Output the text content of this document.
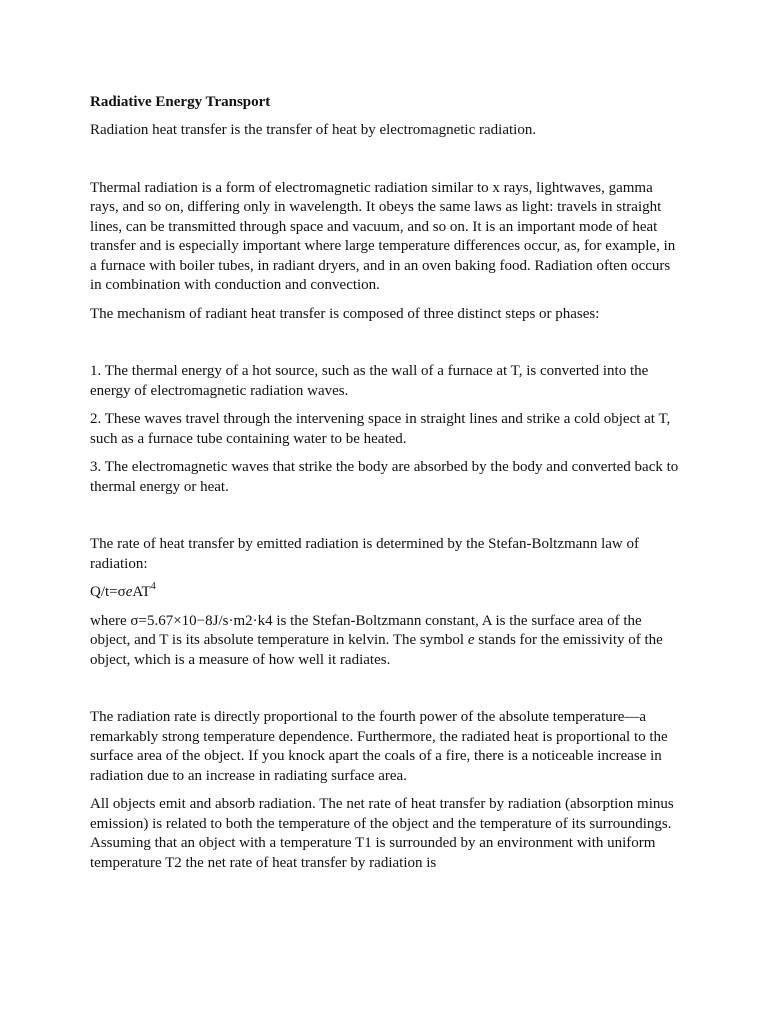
Radiative Energy Transport

Radiation heat transfer is the transfer of heat by electromagnetic radiation.

Thermal radiation is a form of electromagnetic radiation similar to x rays, lightwaves, gamma rays, and so on, differing only in wavelength. It obeys the same laws as light: travels in straight lines, can be transmitted through space and vacuum, and so on. It is an important mode of heat transfer and is especially important where large temperature differences occur, as, for example, in a furnace with boiler tubes, in radiant dryers, and in an oven baking food. Radiation often occurs in combination with conduction and convection.

The mechanism of radiant heat transfer is composed of three distinct steps or phases:

1. The thermal energy of a hot source, such as the wall of a furnace at T, is converted into the energy of electromagnetic radiation waves.

2. These waves travel through the intervening space in straight lines and strike a cold object at T, such as a furnace tube containing water to be heated.

3. The electromagnetic waves that strike the body are absorbed by the body and converted back to thermal energy or heat.

The rate of heat transfer by emitted radiation is determined by the Stefan-Boltzmann law of radiation:

Q/t=σeAT$^4$

where σ=5.67×10−8J/s·m2·k4 is the Stefan-Boltzmann constant, A is the surface area of the object, and T is its absolute temperature in kelvin. The symbol e stands for the emissivity of the object, which is a measure of how well it radiates.

The radiation rate is directly proportional to the fourth power of the absolute temperature—a remarkably strong temperature dependence. Furthermore, the radiated heat is proportional to the surface area of the object. If you knock apart the coals of a fire, there is a noticeable increase in radiation due to an increase in radiating surface area.

All objects emit and absorb radiation. The net rate of heat transfer by radiation (absorption minus emission) is related to both the temperature of the object and the temperature of its surroundings. Assuming that an object with a temperature T1 is surrounded by an environment with uniform temperature T2 the net rate of heat transfer by radiation is
